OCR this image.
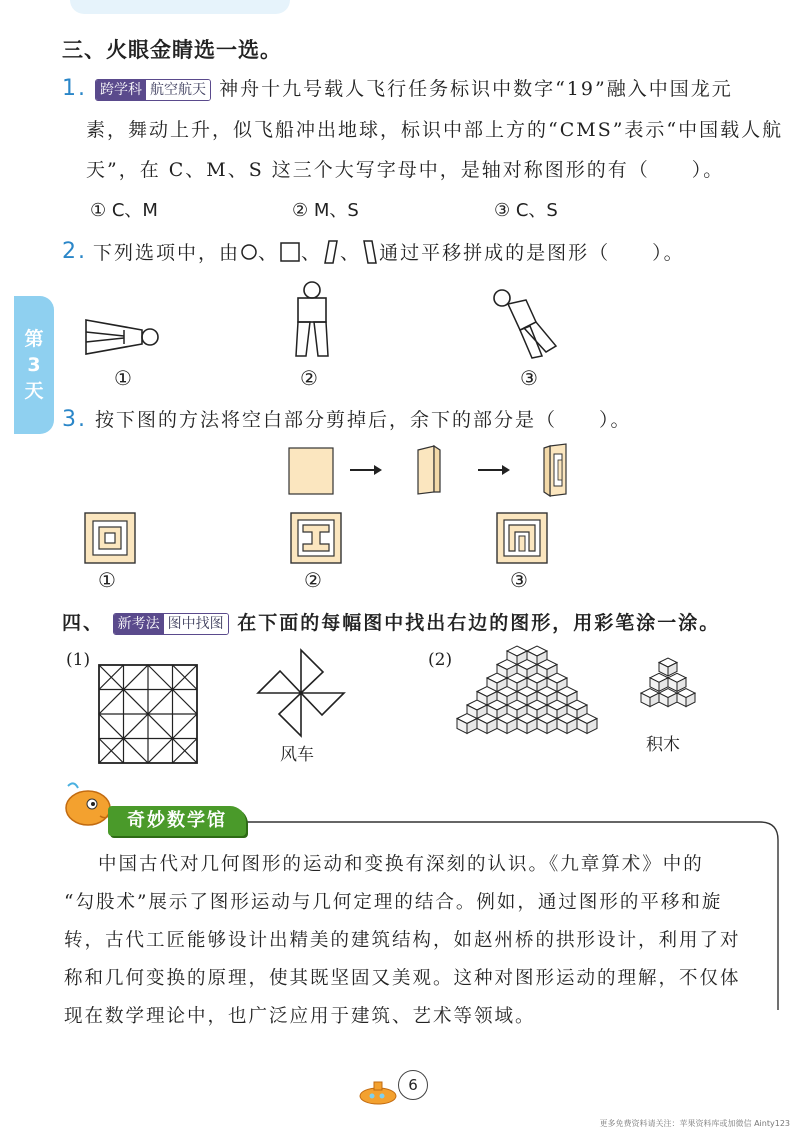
三、火眼金睛选一选。
第
3
天
1. 跨学科 航空航天 神舟十九号载人飞行任务标识中数字“19”融入中国龙元
素，舞动上升，似飞船冲出地球，标识中部上方的“CMS”表示“中国载人航
天”，在 C、M、S 这三个大写字母中，是轴对称图形的有（　　）。
① C、M	② M、S	③ C、S
2. 下列选项中，由 、 、 、 通过平移拼成的是图形（　　）。
①	②	③
3. 按下图的方法将空白部分剪掉后，余下的部分是（　　）。
①	②	③
四、 新考法 图中找图 在下面的每幅图中找出右边的图形，用彩笔涂一涂。
(1)
风车
(2)
积木
奇妙数学馆
中国古代对几何图形的运动和变换有深刻的认识。《九章算术》中的
“勾股术”展示了图形运动与几何定理的结合。例如，通过图形的平移和旋
转，古代工匠能够设计出精美的建筑结构，如赵州桥的拱形设计，利用了对
称和几何变换的原理，使其既坚固又美观。这种对图形运动的理解，不仅体
现在数学理论中，也广泛应用于建筑、艺术等领域。
6
更多免费资料请关注：苹果资料库或加微信 Ainty123
